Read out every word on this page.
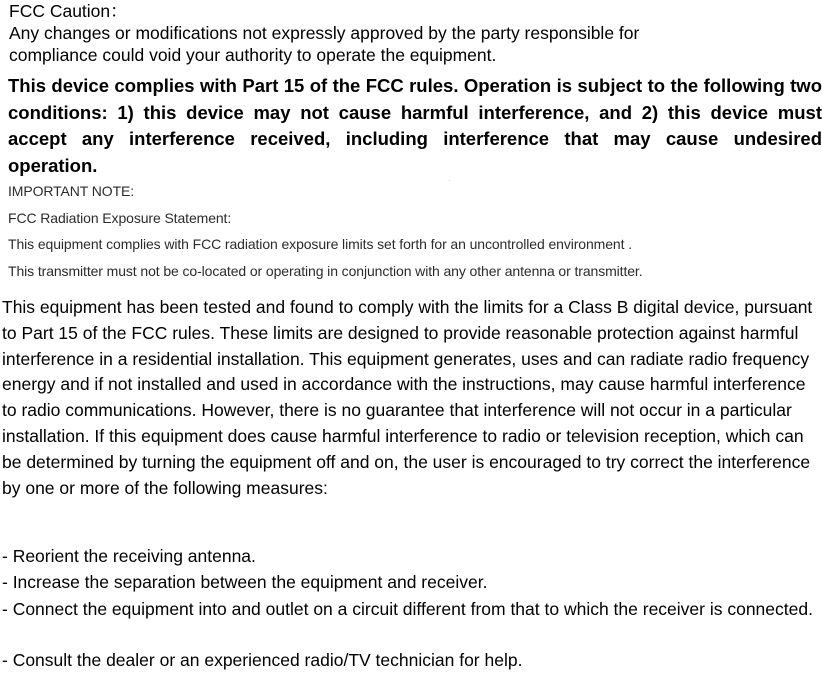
FCC Caution：

Any changes or modifications not expressly approved by the party responsible for

compliance could void your authority to operate the equipment.

This device complies with Part 15 of the FCC rules. Operation is subject to the following two conditions: 1) this device may not cause harmful interference, and 2) this device must accept any interference received, including interference that may cause undesired operation.

·

IMPORTANT NOTE:

FCC Radiation Exposure Statement:

This equipment complies with FCC radiation exposure limits set forth for an uncontrolled environment .

This transmitter must not be co-located or operating in conjunction with any other antenna or transmitter.

This equipment has been tested and found to comply with the limits for a Class B digital device, pursuant to Part 15 of the FCC rules. These limits are designed to provide reasonable protection against harmful interference in a residential installation. This equipment generates, uses and can radiate radio frequency energy and if not installed and used in accordance with the instructions, may cause harmful interference to radio communications. However, there is no guarantee that interference will not occur in a particular installation. If this equipment does cause harmful interference to radio or television reception, which can be determined by turning the equipment off and on, the user is encouraged to try correct the interference by one or more of the following measures:

- Reorient the receiving antenna.
- Increase the separation between the equipment and receiver.
- Connect the equipment into and outlet on a circuit different from that to which the receiver is connected.
- Consult the dealer or an experienced radio/TV technician for help.
